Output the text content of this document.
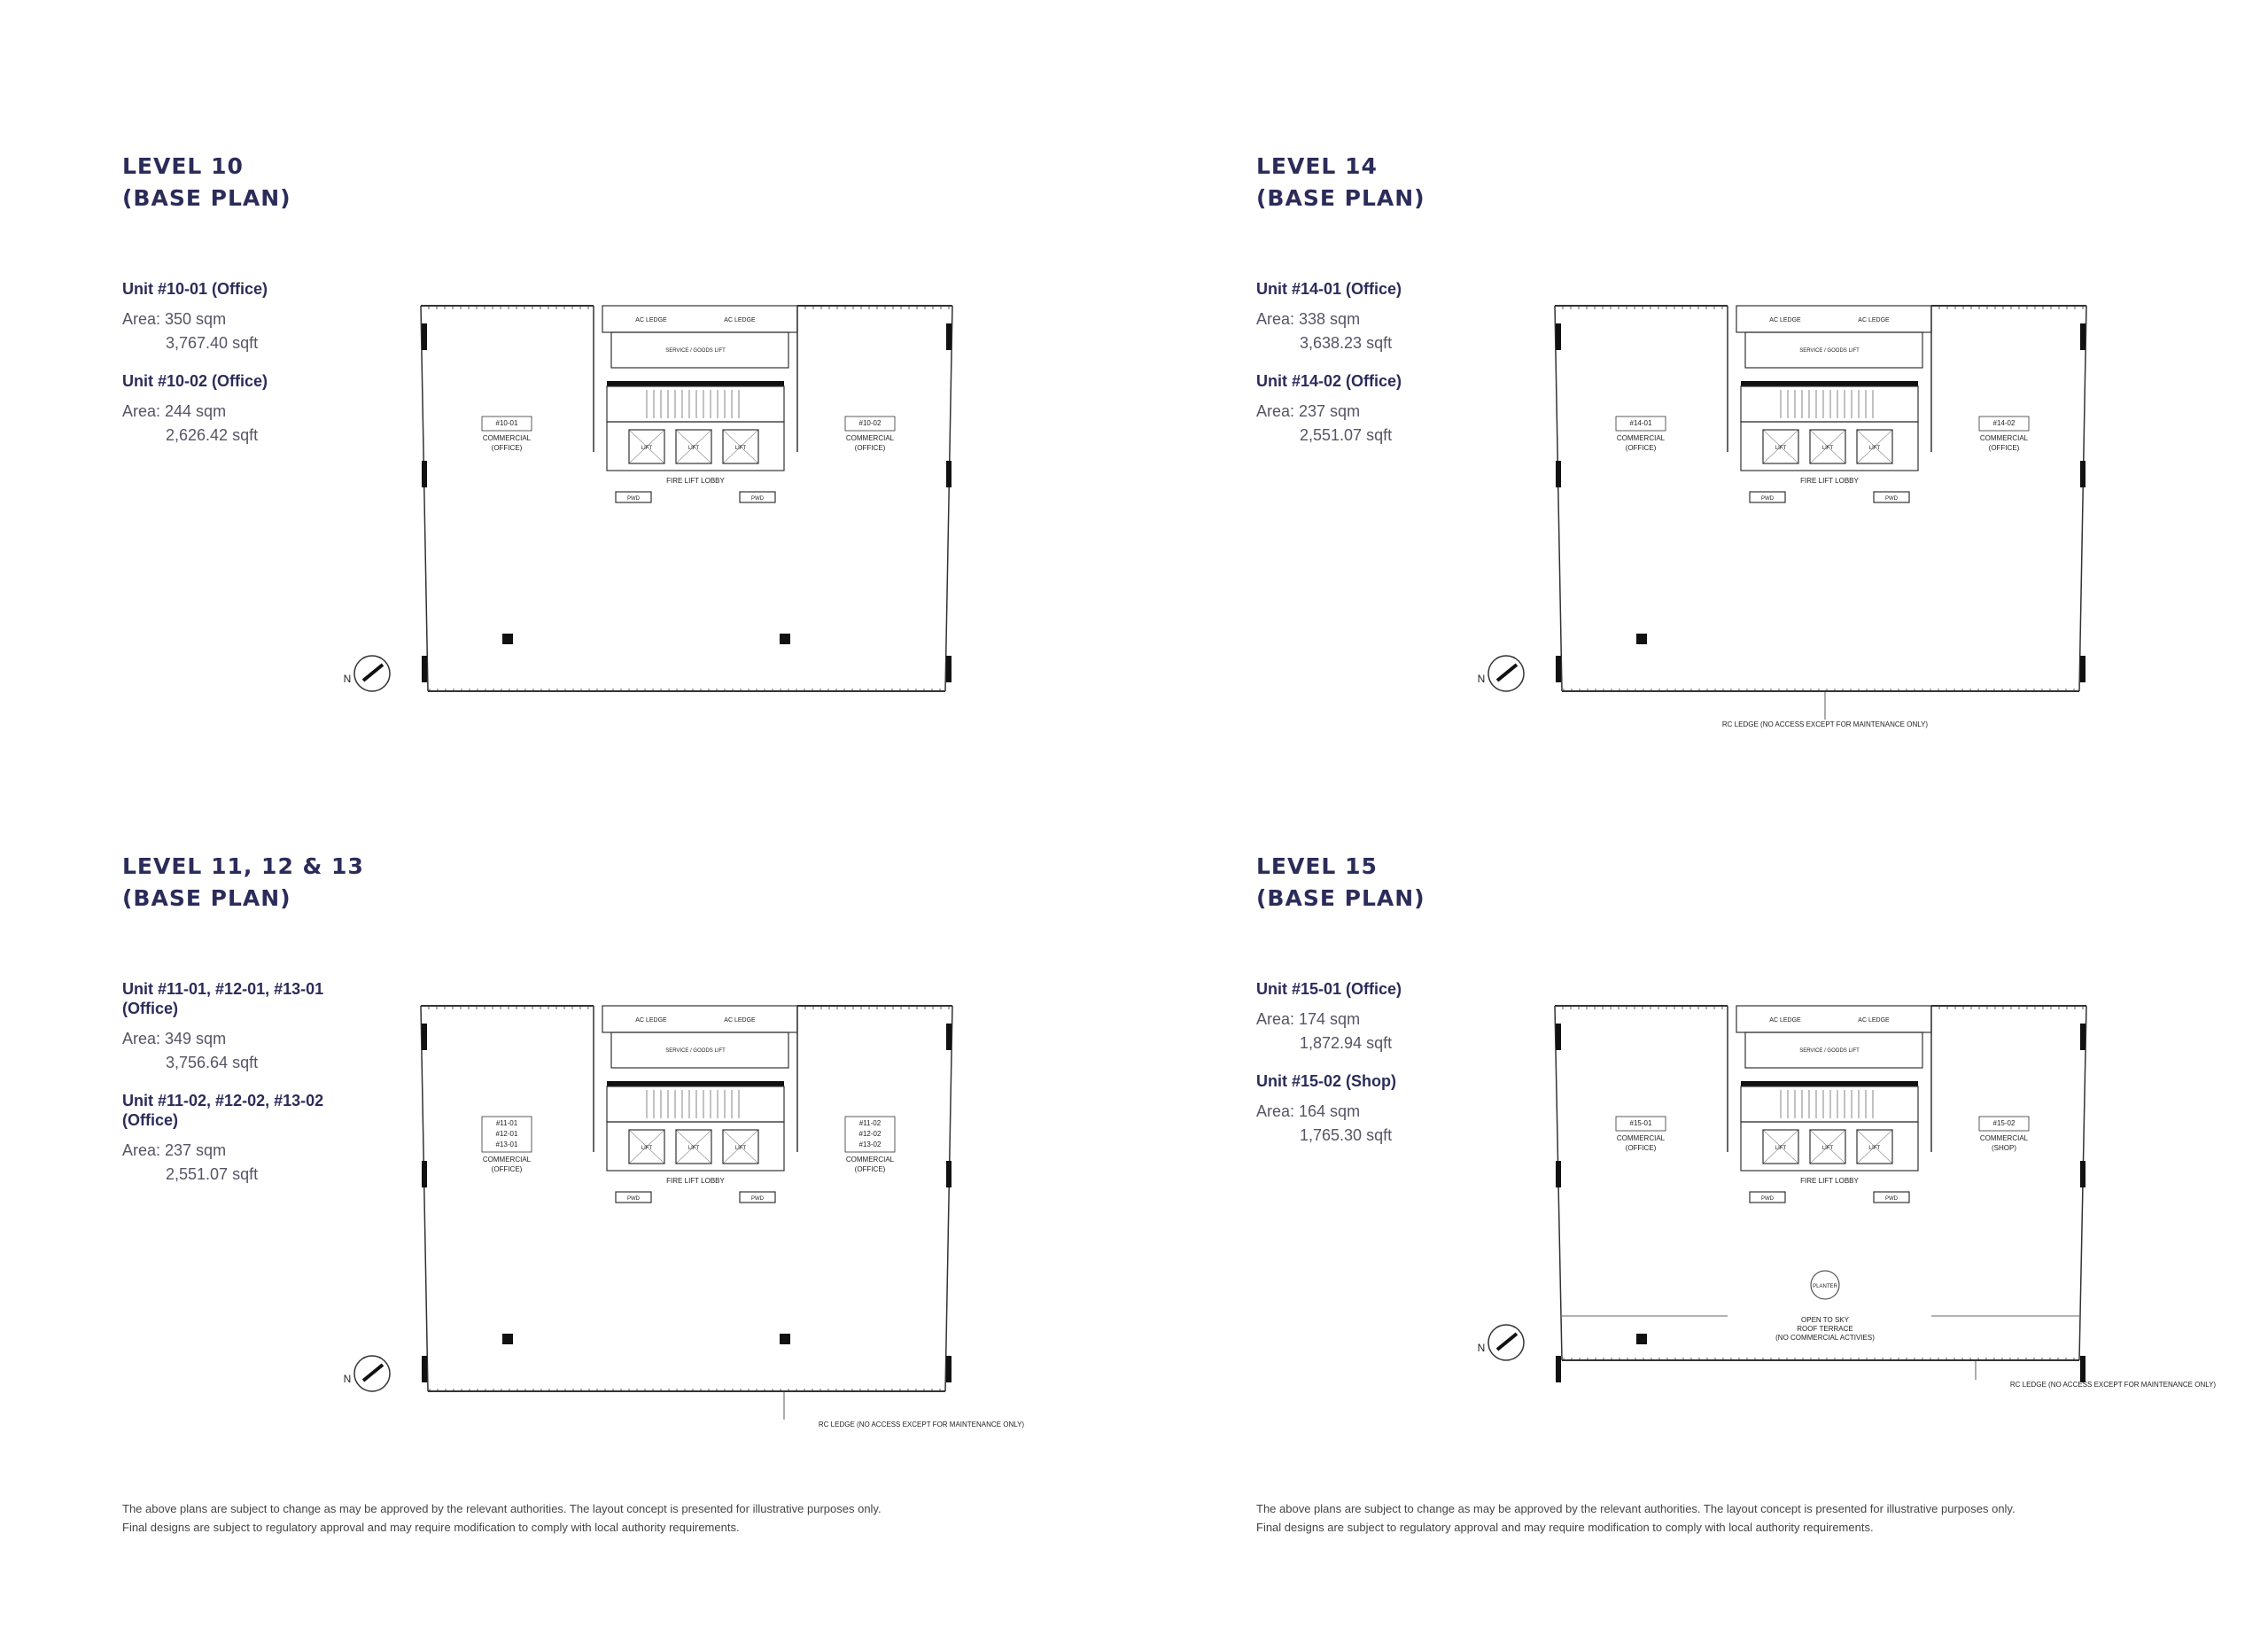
LEVEL 10
(BASE PLAN)
Unit #10-01 (Office)
Area: 350 sqm
3,767.40 sqft
Unit #10-02 (Office)
Area: 244 sqm
2,626.42 sqft
AC LEDGE	AC LEDGE
SERVICE / GOODS LIFT
LIFT	LIFT	LIFT
FIRE LIFT LOBBY
PWD	PWD
#10-01
COMMERCIAL
(OFFICE)
#10-02
COMMERCIAL
(OFFICE)
N
LEVEL 14
(BASE PLAN)
Unit #14-01 (Office)
Area: 338 sqm
3,638.23 sqft
Unit #14-02 (Office)
Area: 237 sqm
2,551.07 sqft
AC LEDGE	AC LEDGE
SERVICE / GOODS LIFT
LIFT	LIFT	LIFT
FIRE LIFT LOBBY
PWD	PWD
#14-01
COMMERCIAL
(OFFICE)
#14-02
COMMERCIAL
(OFFICE)
N
RC LEDGE (NO ACCESS EXCEPT FOR MAINTENANCE ONLY)
LEVEL 11, 12 & 13
(BASE PLAN)
Unit #11-01, #12-01, #13-01 (Office)
Area: 349 sqm
3,756.64 sqft
Unit #11-02, #12-02, #13-02 (Office)
Area: 237 sqm
2,551.07 sqft
AC LEDGE	AC LEDGE
SERVICE / GOODS LIFT
LIFT	LIFT	LIFT
FIRE LIFT LOBBY
PWD	PWD
#11-01
#12-01
#13-01
COMMERCIAL
(OFFICE)
#11-02
#12-02
#13-02
COMMERCIAL
(OFFICE)
N
RC LEDGE (NO ACCESS EXCEPT FOR MAINTENANCE ONLY)
LEVEL 15
(BASE PLAN)
Unit #15-01 (Office)
Area: 174 sqm
1,872.94 sqft
Unit #15-02 (Shop)
Area: 164 sqm
1,765.30 sqft
AC LEDGE	AC LEDGE
SERVICE / GOODS LIFT
LIFT	LIFT	LIFT
FIRE LIFT LOBBY
PWD	PWD
#15-01
COMMERCIAL
(OFFICE)
#15-02
COMMERCIAL
(SHOP)
PLANTER
OPEN TO SKY
ROOF TERRACE
(NO COMMERCIAL ACTIVIES)
N
RC LEDGE (NO ACCESS EXCEPT FOR MAINTENANCE ONLY)
The above plans are subject to change as may be approved by the relevant authorities. The layout concept is presented for illustrative purposes only.
Final designs are subject to regulatory approval and may require modification to comply with local authority requirements.
The above plans are subject to change as may be approved by the relevant authorities. The layout concept is presented for illustrative purposes only.
Final designs are subject to regulatory approval and may require modification to comply with local authority requirements.
